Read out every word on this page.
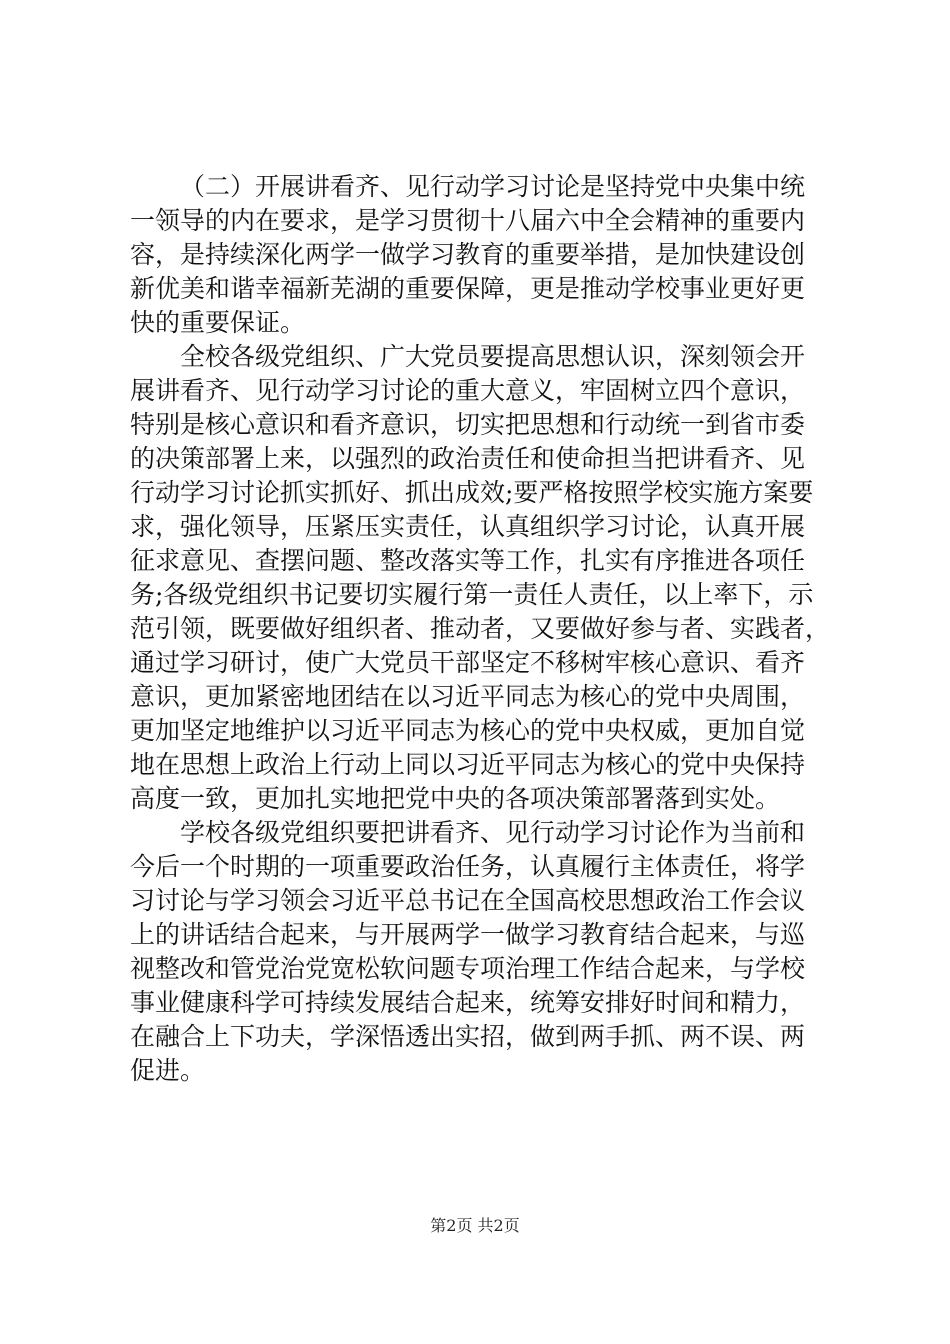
（二）开展讲看齐、见行动学习讨论是坚持党中央集中统
一领导的内在要求，是学习贯彻十八届六中全会精神的重要内
容，是持续深化两学一做学习教育的重要举措，是加快建设创
新优美和谐幸福新芜湖的重要保障，更是推动学校事业更好更
快的重要保证。
全校各级党组织、广大党员要提高思想认识，深刻领会开
展讲看齐、见行动学习讨论的重大意义，牢固树立四个意识，
特别是核心意识和看齐意识，切实把思想和行动统一到省市委
的决策部署上来，以强烈的政治责任和使命担当把讲看齐、见
行动学习讨论抓实抓好、抓出成效;要严格按照学校实施方案要
求，强化领导，压紧压实责任，认真组织学习讨论，认真开展
征求意见、查摆问题、整改落实等工作，扎实有序推进各项任
务;各级党组织书记要切实履行第一责任人责任，以上率下，示
范引领，既要做好组织者、推动者，又要做好参与者、实践者，
通过学习研讨，使广大党员干部坚定不移树牢核心意识、看齐
意识，更加紧密地团结在以习近平同志为核心的党中央周围，
更加坚定地维护以习近平同志为核心的党中央权威，更加自觉
地在思想上政治上行动上同以习近平同志为核心的党中央保持
高度一致，更加扎实地把党中央的各项决策部署落到实处。
学校各级党组织要把讲看齐、见行动学习讨论作为当前和
今后一个时期的一项重要政治任务，认真履行主体责任，将学
习讨论与学习领会习近平总书记在全国高校思想政治工作会议
上的讲话结合起来，与开展两学一做学习教育结合起来，与巡
视整改和管党治党宽松软问题专项治理工作结合起来，与学校
事业健康科学可持续发展结合起来，统筹安排好时间和精力，
在融合上下功夫，学深悟透出实招，做到两手抓、两不误、两
促进。
第2页 共2页
